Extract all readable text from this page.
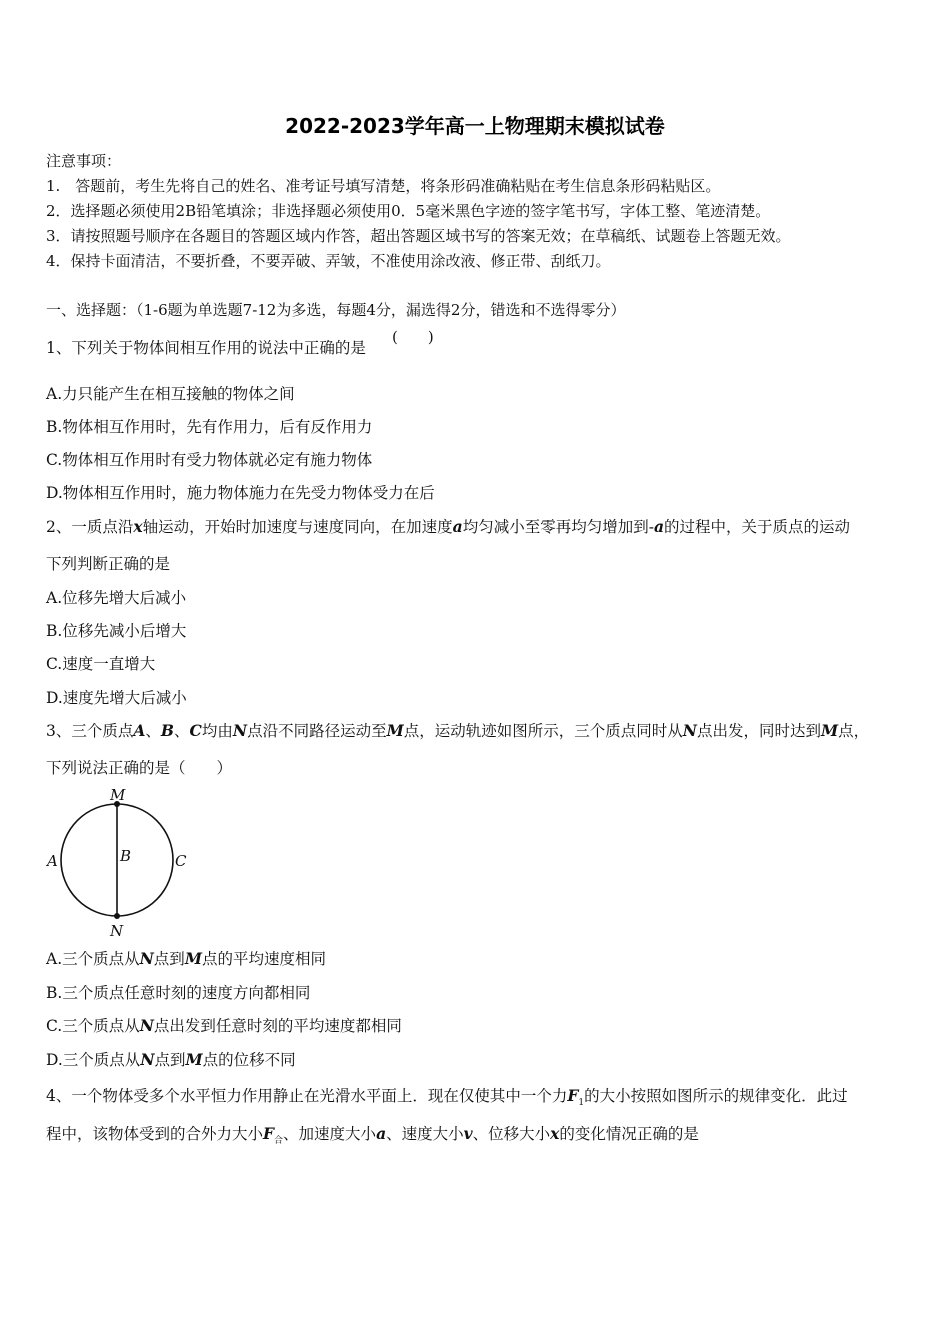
2022-2023学年高一上物理期末模拟试卷
注意事项：
1.　答题前，考生先将自己的姓名、准考证号填写清楚，将条形码准确粘贴在考生信息条形码粘贴区。
2．选择题必须使用2B铅笔填涂；非选择题必须使用0．5毫米黑色字迹的签字笔书写，字体工整、笔迹清楚。
3．请按照题号顺序在各题目的答题区域内作答，超出答题区域书写的答案无效；在草稿纸、试题卷上答题无效。
4．保持卡面清洁，不要折叠，不要弄破、弄皱，不准使用涂改液、修正带、刮纸刀。
一、选择题：（1-6题为单选题7-12为多选，每题4分，漏选得2分，错选和不选得零分）
1、下列关于物体间相互作用的说法中正确的是
(　　)
A.力只能产生在相互接触的物体之间
B.物体相互作用时，先有作用力，后有反作用力
C.物体相互作用时有受力物体就必定有施力物体
D.物体相互作用时，施力物体施力在先受力物体受力在后
2、一质点沿x轴运动，开始时加速度与速度同向，在加速度a均匀减小至零再均匀增加到-a的过程中，关于质点的运动
下列判断正确的是
A.位移先增大后减小
B.位移先减小后增大
C.速度一直增大
D.速度先增大后减小
3、三个质点A、B、C均由N点沿不同路径运动至M点，运动轨迹如图所示，三个质点同时从N点出发，同时达到M点，
下列说法正确的是（　　）
M
N
A	B	C
A.三个质点从N点到M点的平均速度相同
B.三个质点任意时刻的速度方向都相同
C.三个质点从N点出发到任意时刻的平均速度都相同
D.三个质点从N点到M点的位移不同
4、一个物体受多个水平恒力作用静止在光滑水平面上．现在仅使其中一个力$F_1$的大小按照如图所示的规律变化．此过
程中，该物体受到的合外力大小$F_合$、加速度大小a、速度大小v、位移大小x的变化情况正确的是
